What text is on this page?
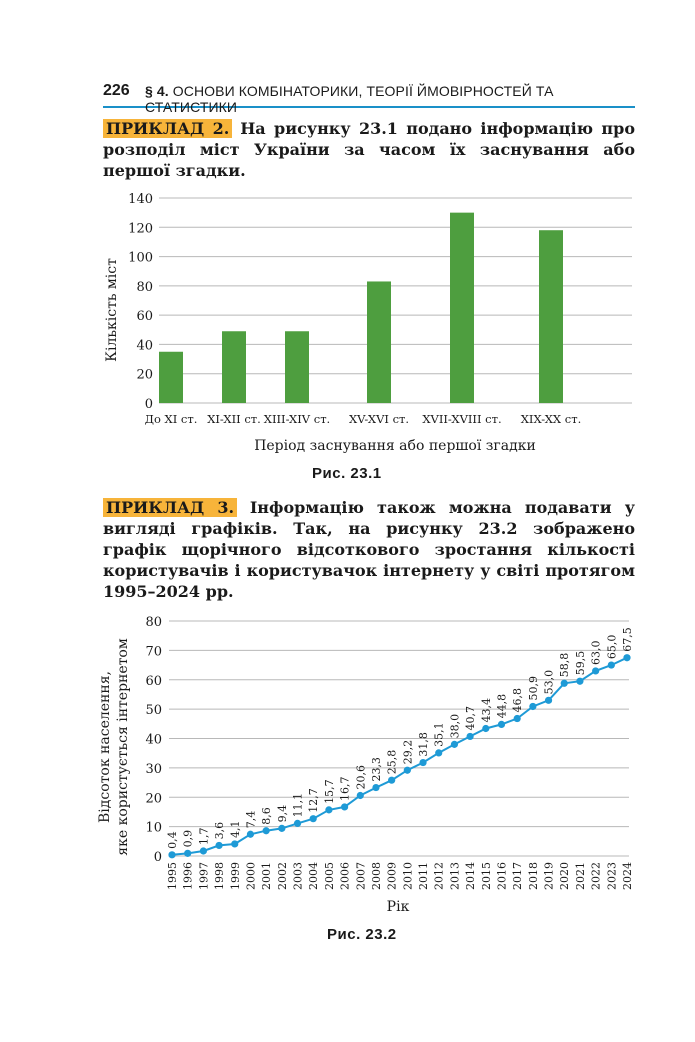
226 § 4. ОСНОВИ КОМБІНАТОРИКИ, ТЕОРІЇ ЙМОВІРНОСТЕЙ ТА СТАТИСТИКИ
ПРИКЛАД 2. На рисунку 23.1 подано інформацію про розподіл міст України за часом їх заснування або першої згадки.
0
20
40
60
80
100
120
140
До XI ст. XI-XII ст. XIII-XIV ст. XV-XVI ст. XVII-XVIII ст. XIX-XX ст.
Кількість міст
Період заснування або першої згадки
Рис. 23.1
ПРИКЛАД 3. Інформацію також можна подавати у вигляді графіків. Так, на рисунку 23.2 зображено графік щорічного відсоткового зростання кількості користувачів і користувачок інтернету у світі протягом 1995–2024 рр.
0,4 0,9 1,7 3,6 4,1
7,4 8,6 9,4 11,1 12,7 15,7 16,7 20,6 23,3 25,8 29,2 31,8 35,1 38,0 40,7 43,4 44,8 46,8 50,9 53,0
58,8 59,5 63,0 65,0 67,5
0
10
20
30
40
50
60
70
80
1995 1996 1997 1998 1999 2000 2001 2002 2003 2004 2005 2006 2007 2008 2009 2010 2011 2012 2013 2014 2015 2016 2017 2018 2019 2020 2021 2022 2023 2024
Відсоток населення, яке користується інтернетом
Рік
Рис. 23.2
